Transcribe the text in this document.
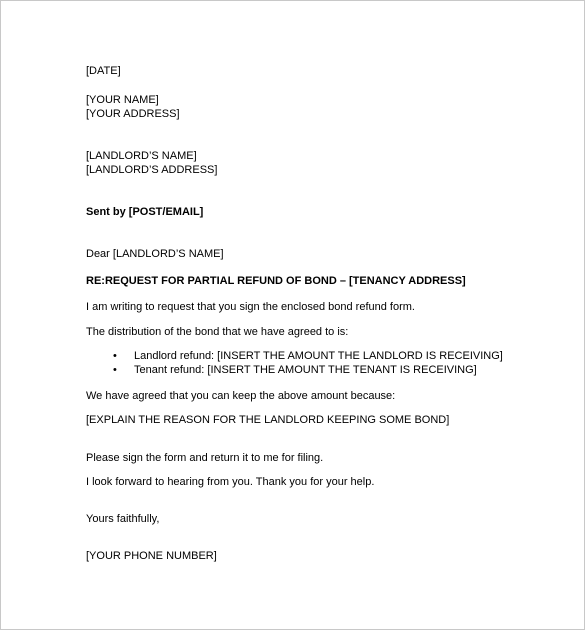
[DATE]
[YOUR NAME]
[YOUR ADDRESS]
[LANDLORD’S NAME]
[LANDLORD’S ADDRESS]
Sent by [POST/EMAIL]
Dear [LANDLORD’S NAME]
RE:REQUEST FOR PARTIAL REFUND OF BOND – [TENANCY ADDRESS]
I am writing to request that you sign the enclosed bond refund form.
The distribution of the bond that we have agreed to is:
• Landlord refund: [INSERT THE AMOUNT THE LANDLORD IS RECEIVING]
• Tenant refund: [INSERT THE AMOUNT THE TENANT IS RECEIVING]
We have agreed that you can keep the above amount because:
[EXPLAIN THE REASON FOR THE LANDLORD KEEPING SOME BOND]
Please sign the form and return it to me for filing.
I look forward to hearing from you. Thank you for your help.
Yours faithfully,
[YOUR PHONE NUMBER]
